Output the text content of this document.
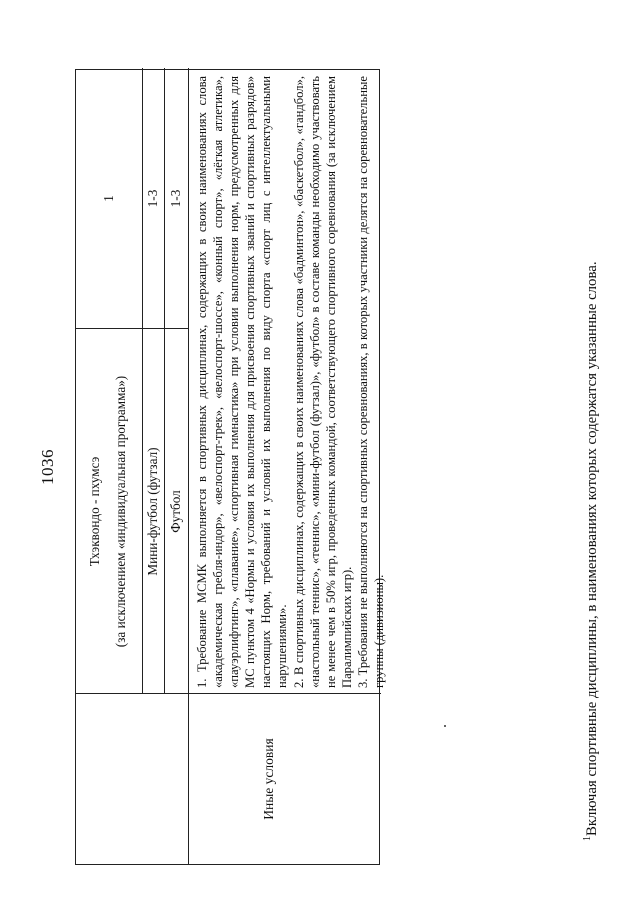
1036 Тхэквондо - пхумсэ (за исключением «индивидуальная программа»)
1
Мини-футбол (футзал)
1-3
Футбол
1-3
Иные условия

1. Требование МСМК выполняется в спортивных дисциплинах, содержащих в своих наименованиях слова «академическая гребля-индор», «велоспорт-трек», «велоспорт-шоссе», «конный спорт», «лёгкая атлетика», «пауэрлифтинг», «плавание», «спортивная гимнастика» при условии выполнения норм, предусмотренных для МС пунктом 4 «Нормы и условия их выполнения для присвоения спортивных званий и спортивных разрядов» настоящих Норм, требований и условий их выполнения по виду спорта «спорт лиц с интеллектуальными нарушениями». 2. В спортивных дисциплинах, содержащих в своих наименованиях слова «бадминтон», «баскетбол», «гандбол», «настольный теннис», «теннис», «мини-футбол (футзал)», «футбол» в составе команды необходимо участвовать не менее чем в 50% игр, проведенных командой, соответствующего спортивного соревнования (за исключением Паралимпийских игр). 3. Требования не выполняются на спортивных соревнованиях, в которых участники делятся на соревновательные группы (дивизионы).

$^1$Включая спортивные дисциплины, в наименованиях которых содержатся указанные слова.
